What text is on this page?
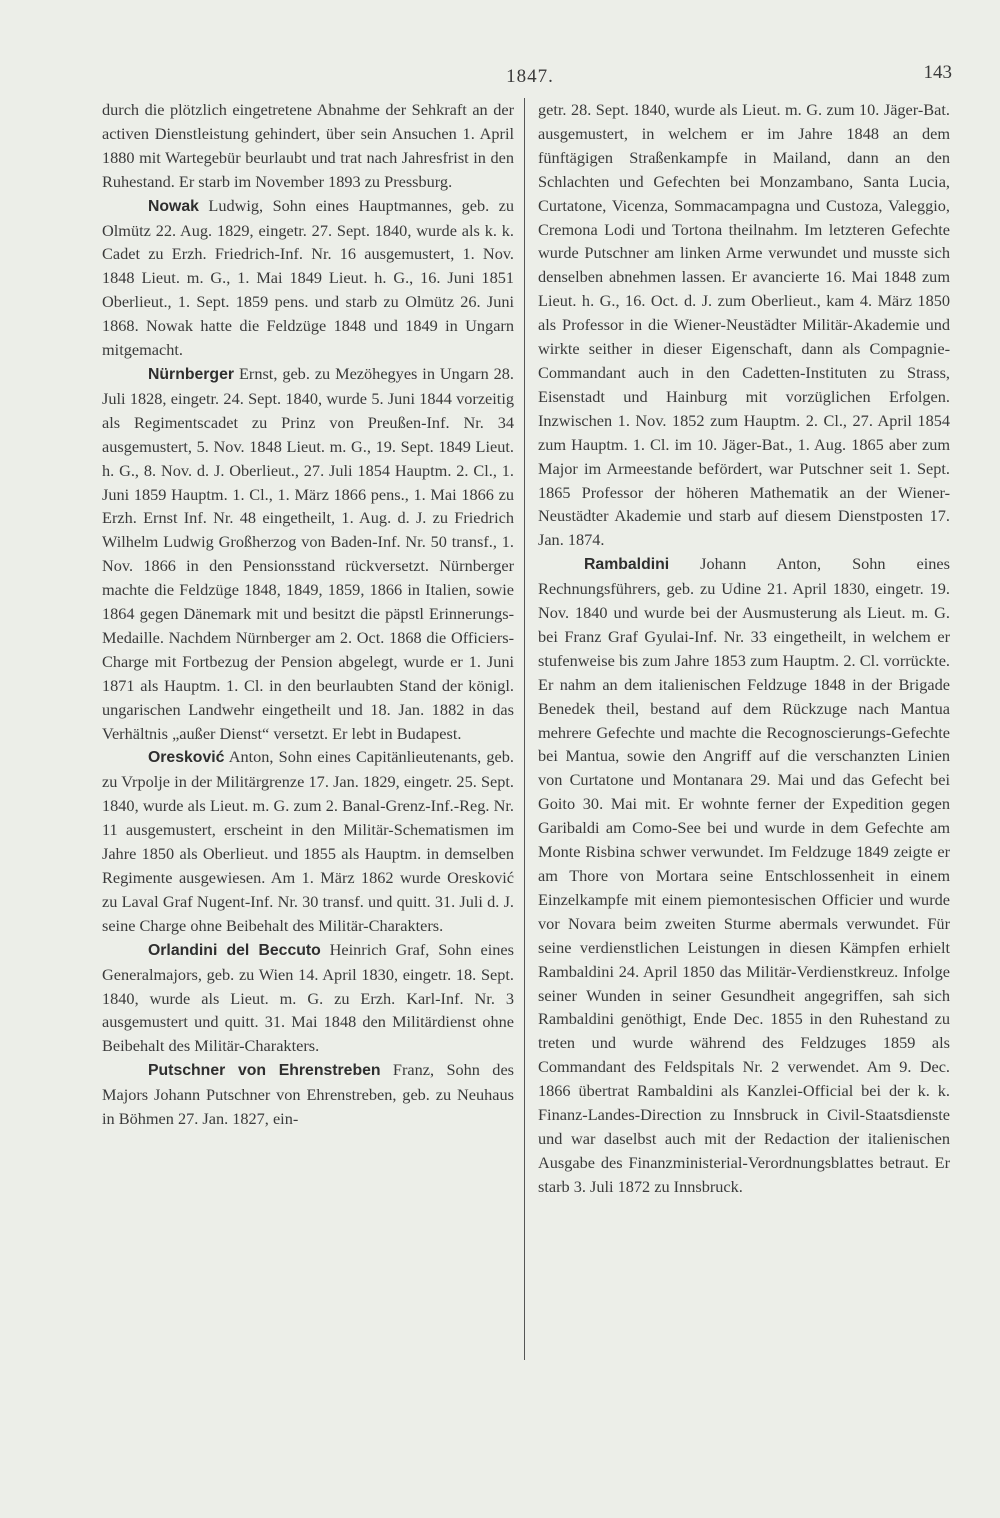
1847.	143

durch die plötzlich eingetretene Abnahme der Sehkraft an der activen Dienstleistung gehindert, über sein Ansuchen 1. April 1880 mit Wartegebür beurlaubt und trat nach Jahresfrist in den Ruhestand. Er starb im November 1893 zu Pressburg.

Nowak Ludwig, Sohn eines Hauptmannes, geb. zu Olmütz 22. Aug. 1829, eingetr. 27. Sept. 1840, wurde als k. k. Cadet zu Erzh. Friedrich-Inf. Nr. 16 ausgemustert, 1. Nov. 1848 Lieut. m. G., 1. Mai 1849 Lieut. h. G., 16. Juni 1851 Oberlieut., 1. Sept. 1859 pens. und starb zu Olmütz 26. Juni 1868. Nowak hatte die Feldzüge 1848 und 1849 in Ungarn mitgemacht.

Nürnberger Ernst, geb. zu Mezöhegyes in Ungarn 28. Juli 1828, eingetr. 24. Sept. 1840, wurde 5. Juni 1844 vorzeitig als Regimentscadet zu Prinz von Preußen-Inf. Nr. 34 ausgemustert, 5. Nov. 1848 Lieut. m. G., 19. Sept. 1849 Lieut. h. G., 8. Nov. d. J. Oberlieut., 27. Juli 1854 Hauptm. 2. Cl., 1. Juni 1859 Hauptm. 1. Cl., 1. März 1866 pens., 1. Mai 1866 zu Erzh. Ernst Inf. Nr. 48 eingetheilt, 1. Aug. d. J. zu Friedrich Wilhelm Ludwig Großherzog von Baden-Inf. Nr. 50 transf., 1. Nov. 1866 in den Pensionsstand rückversetzt. Nürnberger machte die Feldzüge 1848, 1849, 1859, 1866 in Italien, sowie 1864 gegen Dänemark mit und besitzt die päpstl Erinnerungs-Medaille. Nachdem Nürnberger am 2. Oct. 1868 die Officiers-Charge mit Fortbezug der Pension abgelegt, wurde er 1. Juni 1871 als Hauptm. 1. Cl. in den beurlaubten Stand der königl. ungarischen Landwehr eingetheilt und 18. Jan. 1882 in das Verhältnis „außer Dienst“ versetzt. Er lebt in Budapest.

Oresković Anton, Sohn eines Capitänlieutenants, geb. zu Vrpolje in der Militärgrenze 17. Jan. 1829, eingetr. 25. Sept. 1840, wurde als Lieut. m. G. zum 2. Banal-Grenz-Inf.-Reg. Nr. 11 ausgemustert, erscheint in den Militär-Schematismen im Jahre 1850 als Oberlieut. und 1855 als Hauptm. in demselben Regimente ausgewiesen. Am 1. März 1862 wurde Oresković zu Laval Graf Nugent-Inf. Nr. 30 transf. und quitt. 31. Juli d. J. seine Charge ohne Beibehalt des Militär-Charakters.

Orlandini del Beccuto Heinrich Graf, Sohn eines Generalmajors, geb. zu Wien 14. April 1830, eingetr. 18. Sept. 1840, wurde als Lieut. m. G. zu Erzh. Karl-Inf. Nr. 3 ausgemustert und quitt. 31. Mai 1848 den Militärdienst ohne Beibehalt des Militär-Charakters.

Putschner von Ehrenstreben Franz, Sohn des Majors Johann Putschner von Ehrenstreben, geb. zu Neuhaus in Böhmen 27. Jan. 1827, ein-

getr. 28. Sept. 1840, wurde als Lieut. m. G. zum 10. Jäger-Bat. ausgemustert, in welchem er im Jahre 1848 an dem fünftägigen Straßenkampfe in Mailand, dann an den Schlachten und Gefechten bei Monzambano, Santa Lucia, Curtatone, Vicenza, Sommacampagna und Custoza, Valeggio, Cremona Lodi und Tortona theilnahm. Im letzteren Gefechte wurde Putschner am linken Arme verwundet und musste sich denselben abnehmen lassen. Er avancierte 16. Mai 1848 zum Lieut. h. G., 16. Oct. d. J. zum Oberlieut., kam 4. März 1850 als Professor in die Wiener-Neustädter Militär-Akademie und wirkte seither in dieser Eigenschaft, dann als Compagnie-Commandant auch in den Cadetten-Instituten zu Strass, Eisenstadt und Hainburg mit vorzüglichen Erfolgen. Inzwischen 1. Nov. 1852 zum Hauptm. 2. Cl., 27. April 1854 zum Hauptm. 1. Cl. im 10. Jäger-Bat., 1. Aug. 1865 aber zum Major im Armeestande befördert, war Putschner seit 1. Sept. 1865 Professor der höheren Mathematik an der Wiener-Neustädter Akademie und starb auf diesem Dienstposten 17. Jan. 1874.

Rambaldini Johann Anton, Sohn eines Rechnungsführers, geb. zu Udine 21. April 1830, eingetr. 19. Nov. 1840 und wurde bei der Ausmusterung als Lieut. m. G. bei Franz Graf Gyulai-Inf. Nr. 33 eingetheilt, in welchem er stufenweise bis zum Jahre 1853 zum Hauptm. 2. Cl. vorrückte. Er nahm an dem italienischen Feldzuge 1848 in der Brigade Benedek theil, bestand auf dem Rückzuge nach Mantua mehrere Gefechte und machte die Recognoscierungs-Gefechte bei Mantua, sowie den Angriff auf die verschanzten Linien von Curtatone und Montanara 29. Mai und das Gefecht bei Goito 30. Mai mit. Er wohnte ferner der Expedition gegen Garibaldi am Como-See bei und wurde in dem Gefechte am Monte Risbina schwer verwundet. Im Feldzuge 1849 zeigte er am Thore von Mortara seine Entschlossenheit in einem Einzelkampfe mit einem piemontesischen Officier und wurde vor Novara beim zweiten Sturme abermals verwundet. Für seine verdienstlichen Leistungen in diesen Kämpfen erhielt Rambaldini 24. April 1850 das Militär-Verdienstkreuz. Infolge seiner Wunden in seiner Gesundheit angegriffen, sah sich Rambaldini genöthigt, Ende Dec. 1855 in den Ruhestand zu treten und wurde während des Feldzuges 1859 als Commandant des Feldspitals Nr. 2 verwendet. Am 9. Dec. 1866 übertrat Rambaldini als Kanzlei-Official bei der k. k. Finanz-Landes-Direction zu Innsbruck in Civil-Staatsdienste und war daselbst auch mit der Redaction der italienischen Ausgabe des Finanzministerial-Verordnungsblattes betraut. Er starb 3. Juli 1872 zu Innsbruck.
